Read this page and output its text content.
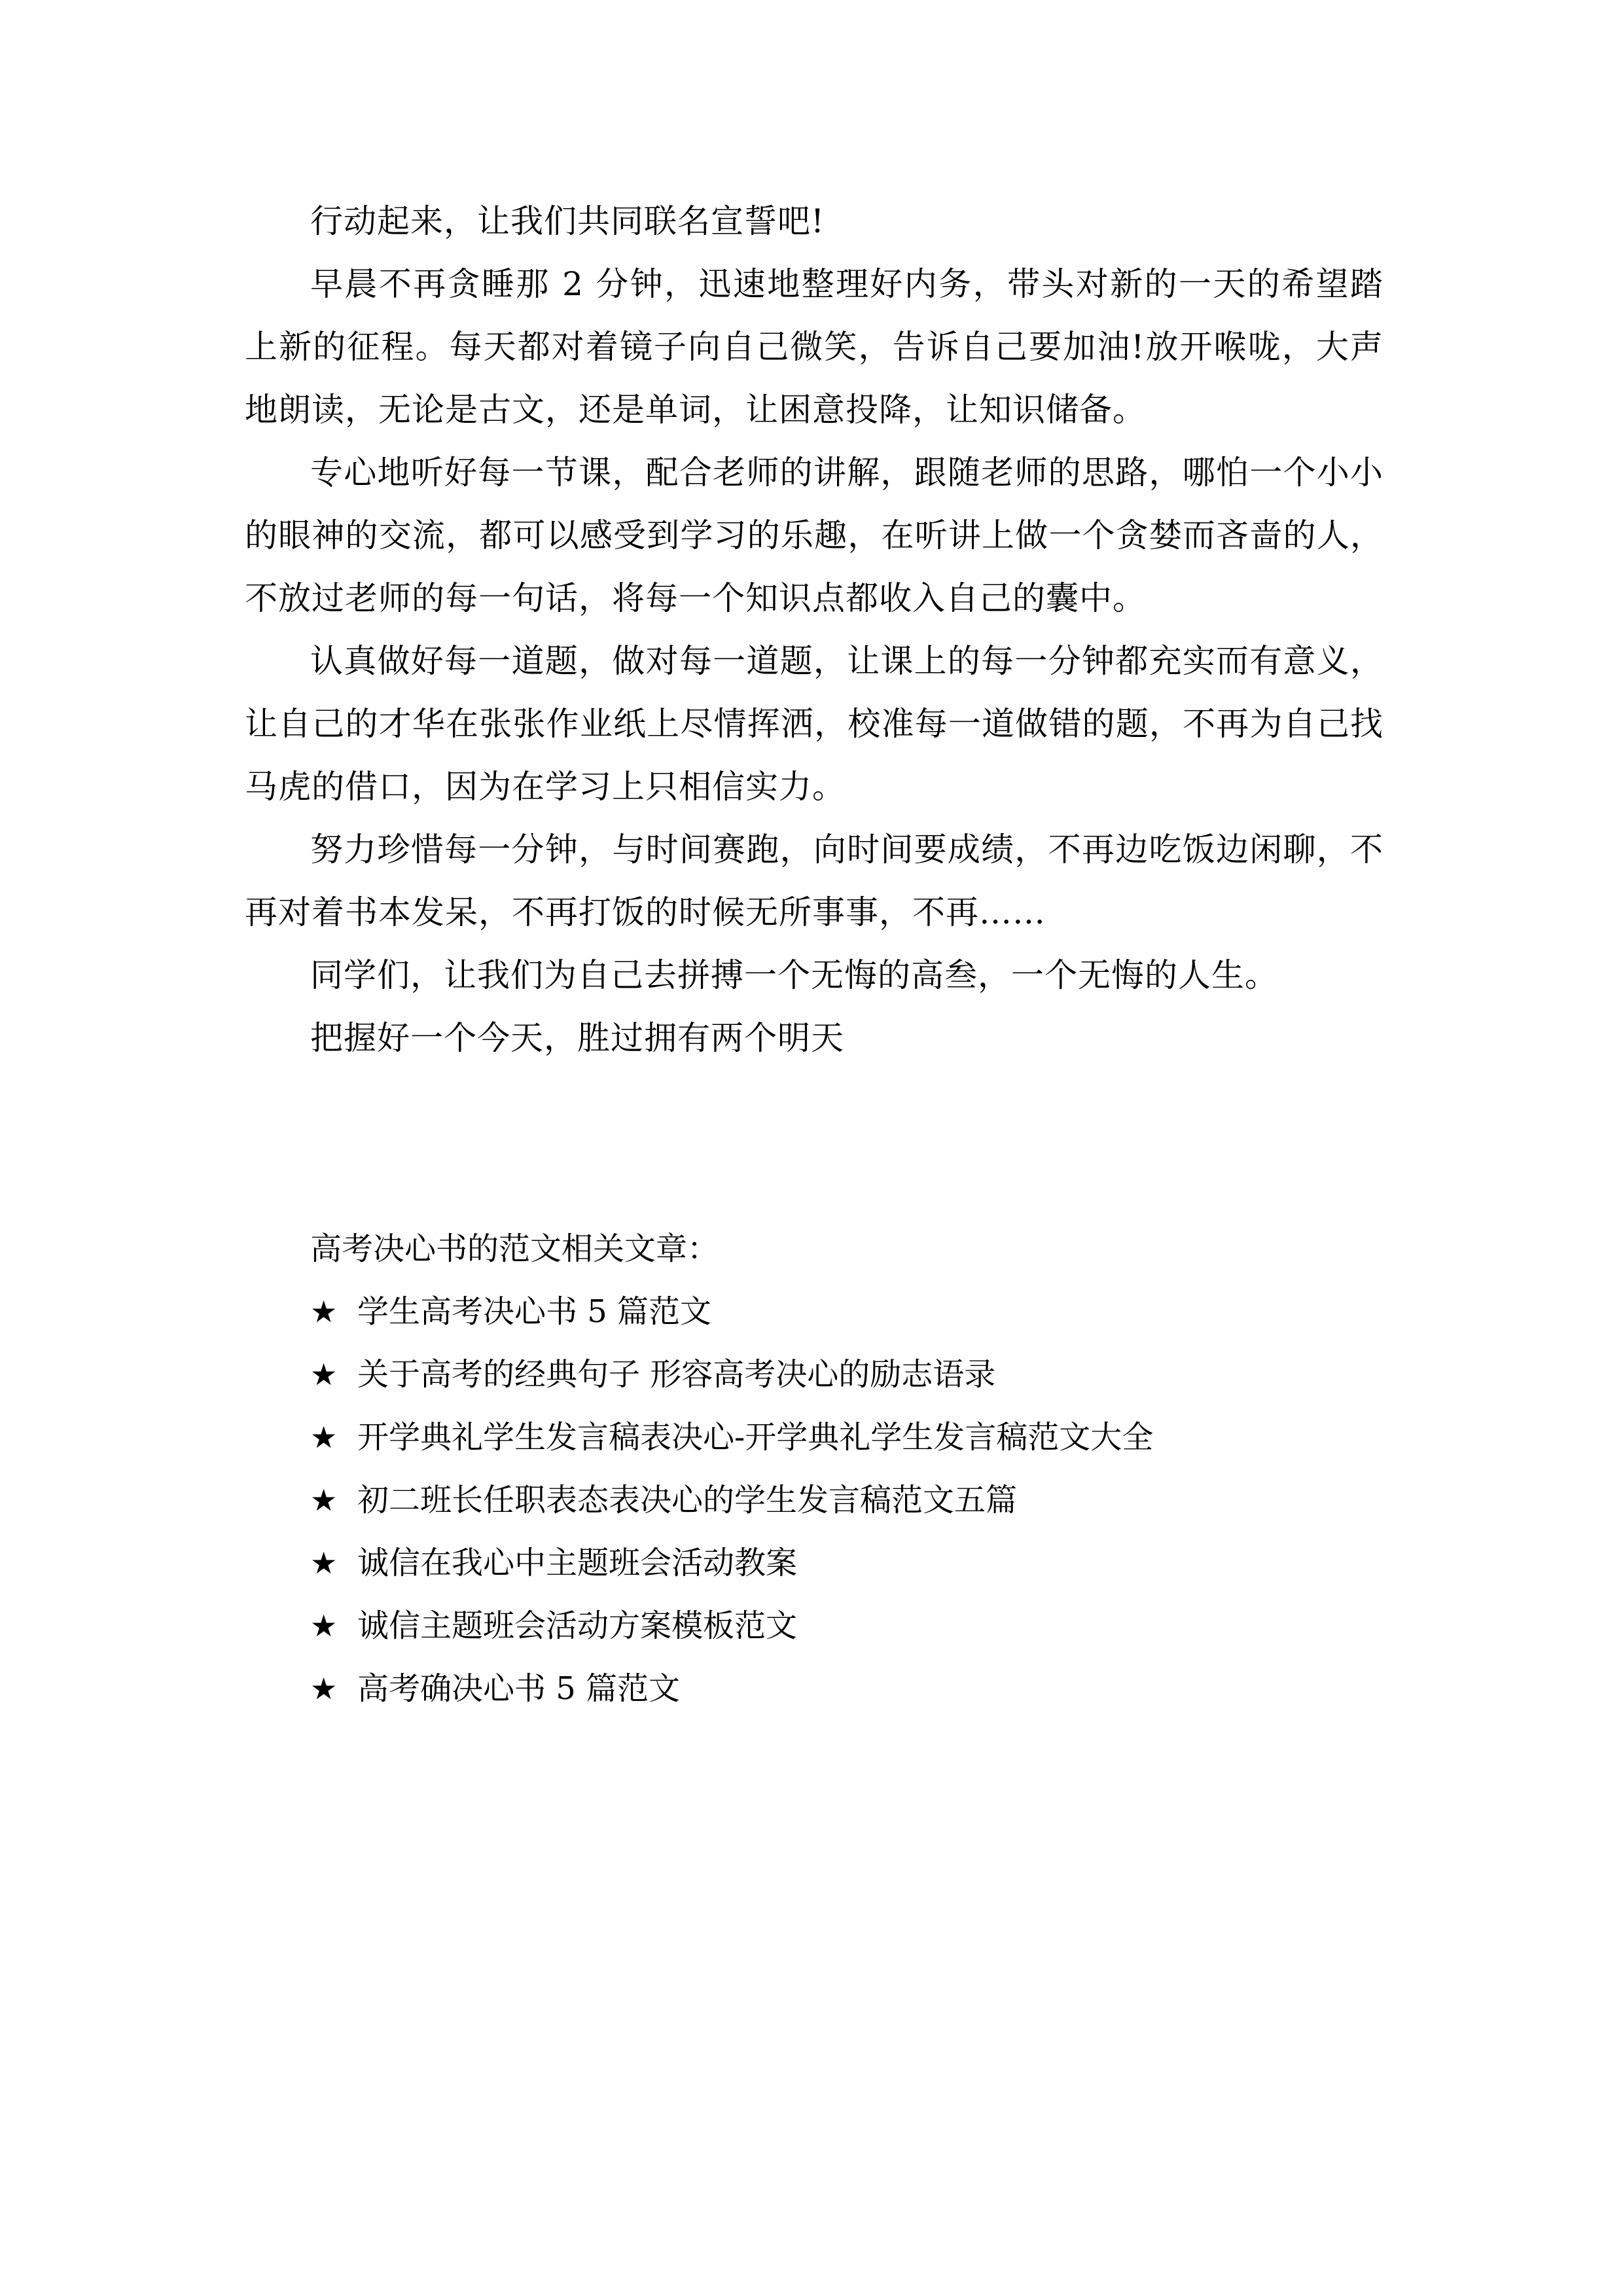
行动起来，让我们共同联名宣誓吧!

早晨不再贪睡那 2 分钟，迅速地整理好内务，带头对新的一天的希望踏上新的征程。每天都对着镜子向自己微笑，告诉自己要加油!放开喉咙，大声地朗读，无论是古文，还是单词，让困意投降，让知识储备。

专心地听好每一节课，配合老师的讲解，跟随老师的思路，哪怕一个小小的眼神的交流，都可以感受到学习的乐趣，在听讲上做一个贪婪而吝啬的人，不放过老师的每一句话，将每一个知识点都收入自己的囊中。

认真做好每一道题，做对每一道题，让课上的每一分钟都充实而有意义，让自己的才华在张张作业纸上尽情挥洒，校准每一道做错的题，不再为自己找马虎的借口，因为在学习上只相信实力。

努力珍惜每一分钟，与时间赛跑，向时间要成绩，不再边吃饭边闲聊，不再对着书本发呆，不再打饭的时候无所事事，不再……

同学们，让我们为自己去拼搏一个无悔的高叁，一个无悔的人生。

把握好一个今天，胜过拥有两个明天

高考决心书的范文相关文章：

★ 学生高考决心书 5 篇范文
★ 关于高考的经典句子 形容高考决心的励志语录
★ 开学典礼学生发言稿表决心-开学典礼学生发言稿范文大全
★ 初二班长任职表态表决心的学生发言稿范文五篇
★ 诚信在我心中主题班会活动教案
★ 诚信主题班会活动方案模板范文
★ 高考确决心书 5 篇范文
